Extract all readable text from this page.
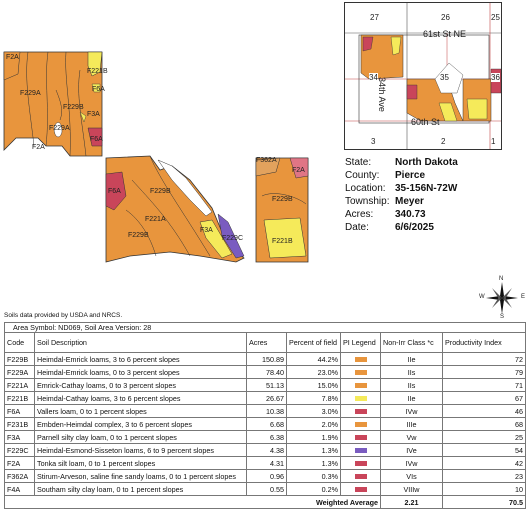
F2A
F229A
F221B
F6A
F229B
F3A
F229A
F2A
F6A
F6A	F229B
F221A
F229B
F3A
F229C
F362A
F2A
F229B
F221B
27	26	25
34	35	36
3	2	1
61st St NE
34th Ave
60th St
State:	North Dakota
County:	Pierce
Location: 35-156N-72W
Township: Meyer
Acres:	340.73
Date:	6/6/2025
N
S
W	E
Soils data provided by USDA and NRCS.
Area Symbol: ND069, Soil Area Version: 28						
Code	Soil Description	Acres	Percent of field	PI Legend	Non-Irr Class *c	Productivity Index
F229B	Heimdal-Emrick loams, 3 to 6 percent slopes	150.89	44.2%		IIe	72
F229A	Heimdal-Emrick loams, 0 to 3 percent slopes	78.40	23.0%		IIs	79
F221A	Emrick-Cathay loams, 0 to 3 percent slopes	51.13	15.0%		IIs	71
F221B	Heimdal-Cathay loams, 3 to 6 percent slopes	26.67	7.8%		IIe	67
F6A	Vallers loam, 0 to 1 percent slopes	10.38	3.0%		IVw	46
F231B	Embden-Heimdal complex, 3 to 6 percent slopes	6.68	2.0%		IIIe	68
F3A	Parnell silty clay loam, 0 to 1 percent slopes	6.38	1.9%		Vw	25
F229C	Heimdal-Esmond-Sisseton loams, 6 to 9 percent slopes	4.38	1.3%		IVe	54
F2A	Tonka silt loam, 0 to 1 percent slopes	4.31	1.3%		IVw	42
F362A	Stirum-Arveson, saline fine sandy loams, 0 to 1 percent slopes	0.96	0.3%		VIs	23
F4A	Southam silty clay loam, 0 to 1 percent slopes	0.55	0.2%		VIIIw	10
Weighted Average					2.21	70.5
